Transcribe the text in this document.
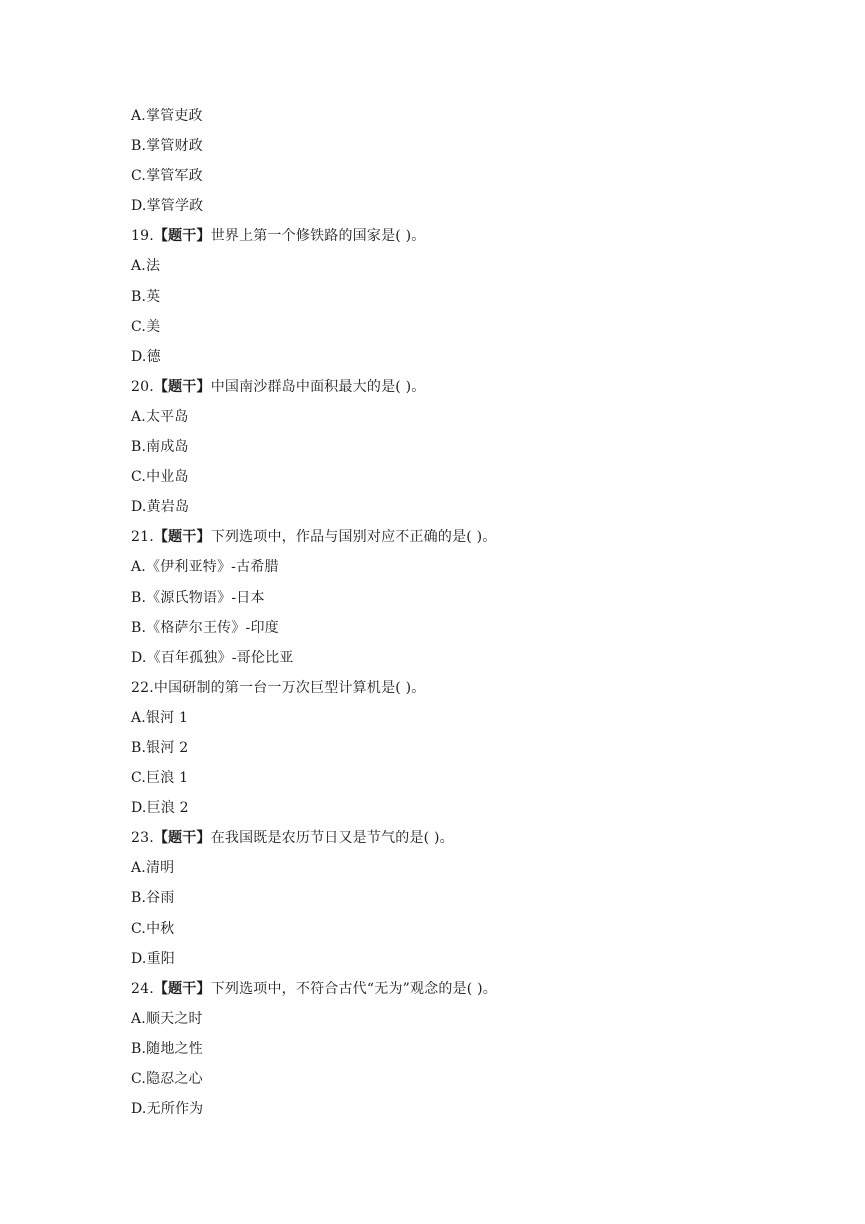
A.掌管吏政
B.掌管财政
C.掌管军政
D.掌管学政
19.【题干】世界上第一个修铁路的国家是( )。
A.法
B.英
C.美
D.德
20.【题干】中国南沙群岛中面积最大的是( )。
A.太平岛
B.南成岛
C.中业岛
D.黄岩岛
21.【题干】下列选项中，作品与国别对应不正确的是( )。
A.《伊利亚特》-古希腊
B.《源氏物语》-日本
B.《格萨尔王传》-印度
D.《百年孤独》-哥伦比亚
22.中国研制的第一台一万次巨型计算机是( )。
A.银河 1
B.银河 2
C.巨浪 1
D.巨浪 2
23.【题干】在我国既是农历节日又是节气的是( )。
A.清明
B.谷雨
C.中秋
D.重阳
24.【题干】下列选项中，不符合古代“无为”观念的是( )。
A.顺天之时
B.随地之性
C.隐忍之心
D.无所作为
